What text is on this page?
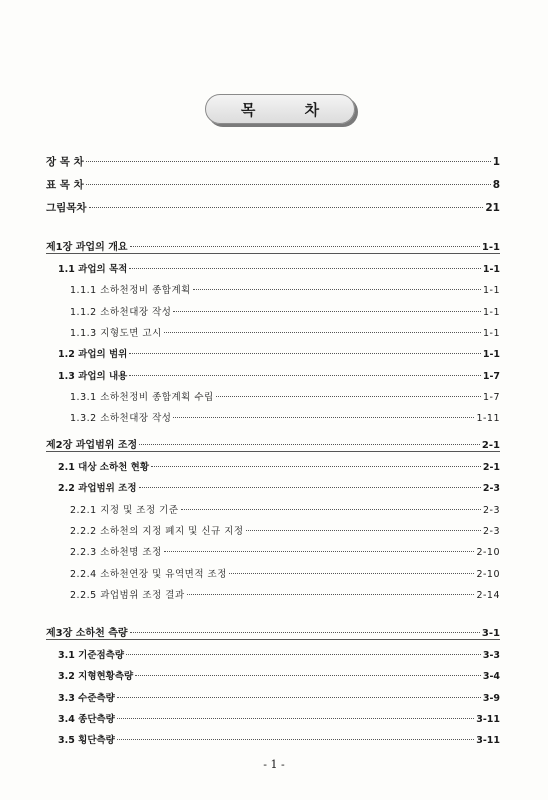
목 차
장 목 차	1
표 목 차	8
그림목차	21
제1장 과업의 개요	1-1
1.1 과업의 목적	1-1
1.1.1 소하천정비 종합계획	1-1
1.1.2 소하천대장 작성	1-1
1.1.3 지형도면 고시	1-1
1.2 과업의 범위	1-1
1.3 과업의 내용	1-7
1.3.1 소하천정비 종합계획 수립	1-7
1.3.2 소하천대장 작성	1-11
제2장 과업범위 조정	2-1
2.1 대상 소하천 현황	2-1
2.2 과업범위 조정	2-3
2.2.1 지정 및 조정 기준	2-3
2.2.2 소하천의 지정 폐지 및 신규 지정	2-3
2.2.3 소하천명 조정	2-10
2.2.4 소하천연장 및 유역면적 조정	2-10
2.2.5 과업범위 조정 결과	2-14
제3장 소하천 측량	3-1
3.1 기준점측량	3-3
3.2 지형현황측량	3-4
3.3 수준측량	3-9
3.4 종단측량	3-11
3.5 횡단측량	3-11
- 1 -
